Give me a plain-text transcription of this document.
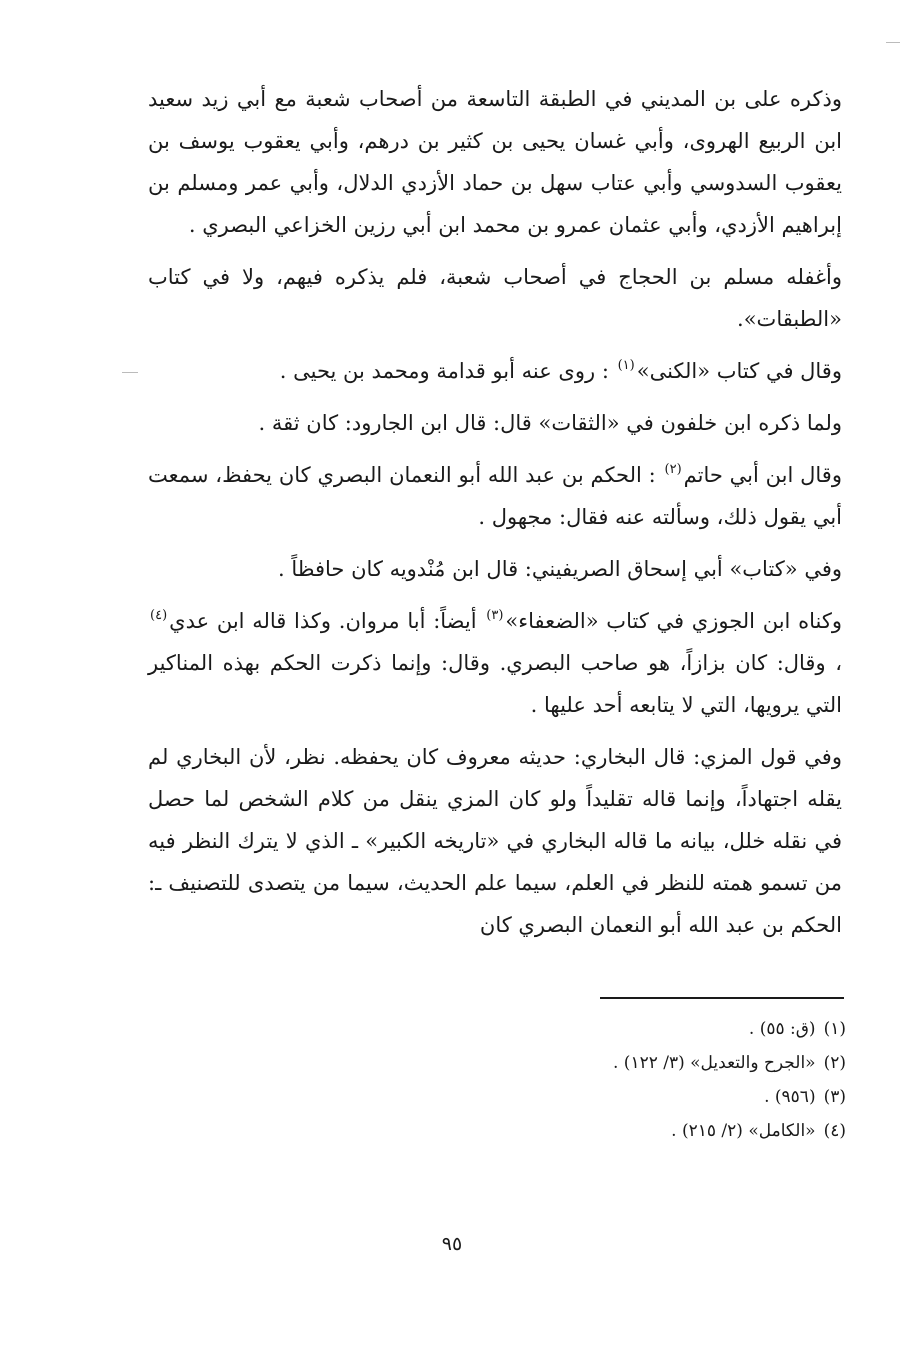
وذكره على بن المديني في الطبقة التاسعة من أصحاب شعبة مع أبي زيد سعيد ابن الربيع الهروى، وأبي غسان يحيى بن كثير بن درهم، وأبي يعقوب يوسف بن يعقوب السدوسي وأبي عتاب سهل بن حماد الأزدي الدلال، وأبي عمر ومسلم بن إبراهيم الأزدي، وأبي عثمان عمرو بن محمد ابن أبي رزين الخزاعي البصري .

وأغفله مسلم بن الحجاج في أصحاب شعبة، فلم يذكره فيهم، ولا في كتاب «الطبقات».

وقال في كتاب «الكنى»$^{(١)}$ : روى عنه أبو قدامة ومحمد بن يحيى .

ولما ذكره ابن خلفون في «الثقات» قال: قال ابن الجارود: كان ثقة .

وقال ابن أبي حاتم$^{(٢)}$ : الحكم بن عبد الله أبو النعمان البصري كان يحفظ، سمعت أبي يقول ذلك، وسألته عنه فقال: مجهول .

وفي «كتاب» أبي إسحاق الصريفيني: قال ابن مُنْدويه كان حافظاً .

وكناه ابن الجوزي في كتاب «الضعفاء»$^{(٣)}$ أيضاً: أبا مروان. وكذا قاله ابن عدي$^{(٤)}$ ، وقال: كان بزازاً، هو صاحب البصري. وقال: وإنما ذكرت الحكم بهذه المناكير التي يرويها، التي لا يتابعه أحد عليها .

وفي قول المزي: قال البخاري: حديثه معروف كان يحفظه. نظر، لأن البخاري لم يقله اجتهاداً، وإنما قاله تقليداً ولو كان المزي ينقل من كلام الشخص لما حصل في نقله خلل، بيانه ما قاله البخاري في «تاريخه الكبير» ـ الذي لا يترك النظر فيه من تسمو همته للنظر في العلم، سيما علم الحديث، سيما من يتصدى للتصنيف ـ: الحكم بن عبد الله أبو النعمان البصري كان

(١)(ق: ٥٥) .

(٢)«الجرح والتعديل» (٣/ ١٢٢) .

(٣)(٩٥٦) .

(٤)«الكامل» (٢/ ٢١٥) .

٩٥
